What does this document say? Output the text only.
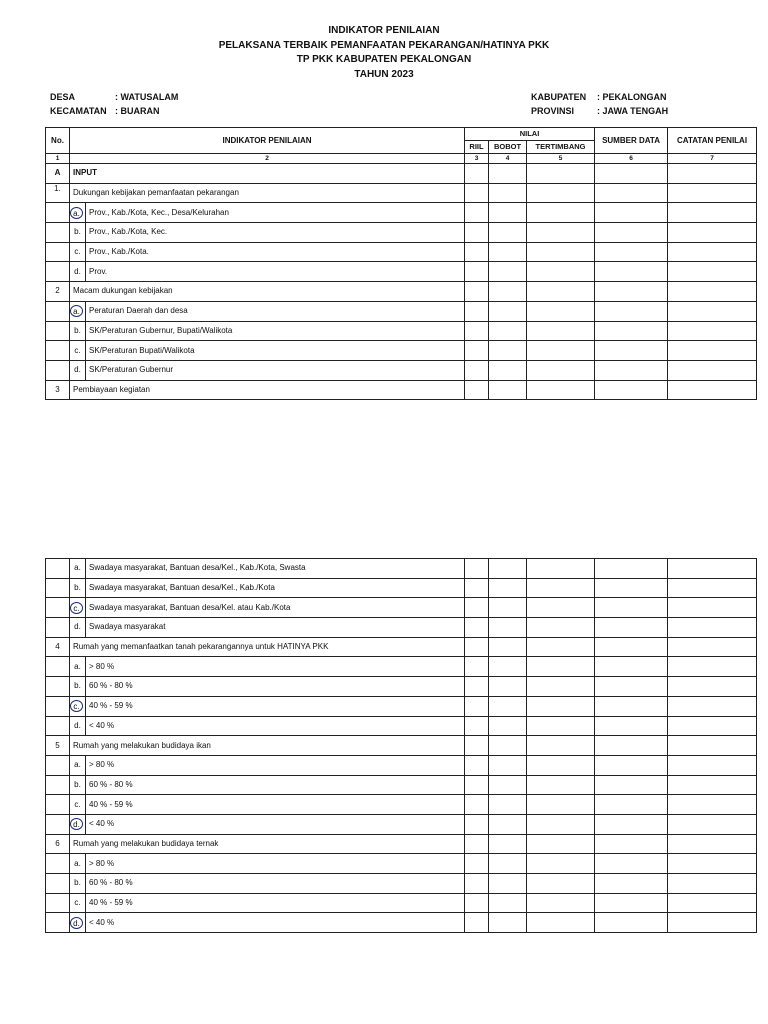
INDIKATOR PENILAIAN
PELAKSANA TERBAIK PEMANFAATAN PEKARANGAN/HATINYA PKK
TP PKK KABUPATEN PEKALONGAN
TAHUN 2023
DESA	: WATUSALAM
KECAMATAN : BUARAN
KABUPATEN : PEKALONGAN
PROVINSI	: JAWA TENGAH
No.	INDIKATOR PENILAIAN		NILAI			SUMBER DATA	CATATAN PENILAI
			RIIL	BOBOT	TERTIMBANG		
1	2		3	4	5	6	7
A	INPUT						
1.	Dukungan kebijakan pemanfaatan pekarangan						
	a.	Prov., Kab./Kota, Kec., Desa/Kelurahan					
	b.	Prov., Kab./Kota, Kec.					
	c.	Prov., Kab./Kota.					
	d.	Prov.					
2	Macam dukungan kebijakan						
	a.	Peraturan Daerah dan desa					
	b.	SK/Peraturan Gubernur, Bupati/Walikota					
	c.	SK/Peraturan Bupati/Walikota					
	d.	SK/Peraturan Gubernur					
3	Pembiayaan kegiatan						
	a.	Swadaya masyarakat, Bantuan desa/Kel., Kab./Kota, Swasta					
	b.	Swadaya masyarakat, Bantuan desa/Kel., Kab./Kota					
	c.	Swadaya masyarakat, Bantuan desa/Kel. atau Kab./Kota					
	d.	Swadaya masyarakat					
4	Rumah yang memanfaatkan tanah pekarangannya untuk HATINYA PKK						
	a.	> 80 %					
	b.	60 % - 80 %					
	c.	40 % - 59 %					
	d.	< 40 %					
5	Rumah yang melakukan budidaya ikan						
	a.	> 80 %					
	b.	60 % - 80 %					
	c.	40 % - 59 %					
	d.	< 40 %					
6	Rumah yang melakukan budidaya ternak						
	a.	> 80 %					
	b.	60 % - 80 %					
	c.	40 % - 59 %					
	d.	< 40 %					
